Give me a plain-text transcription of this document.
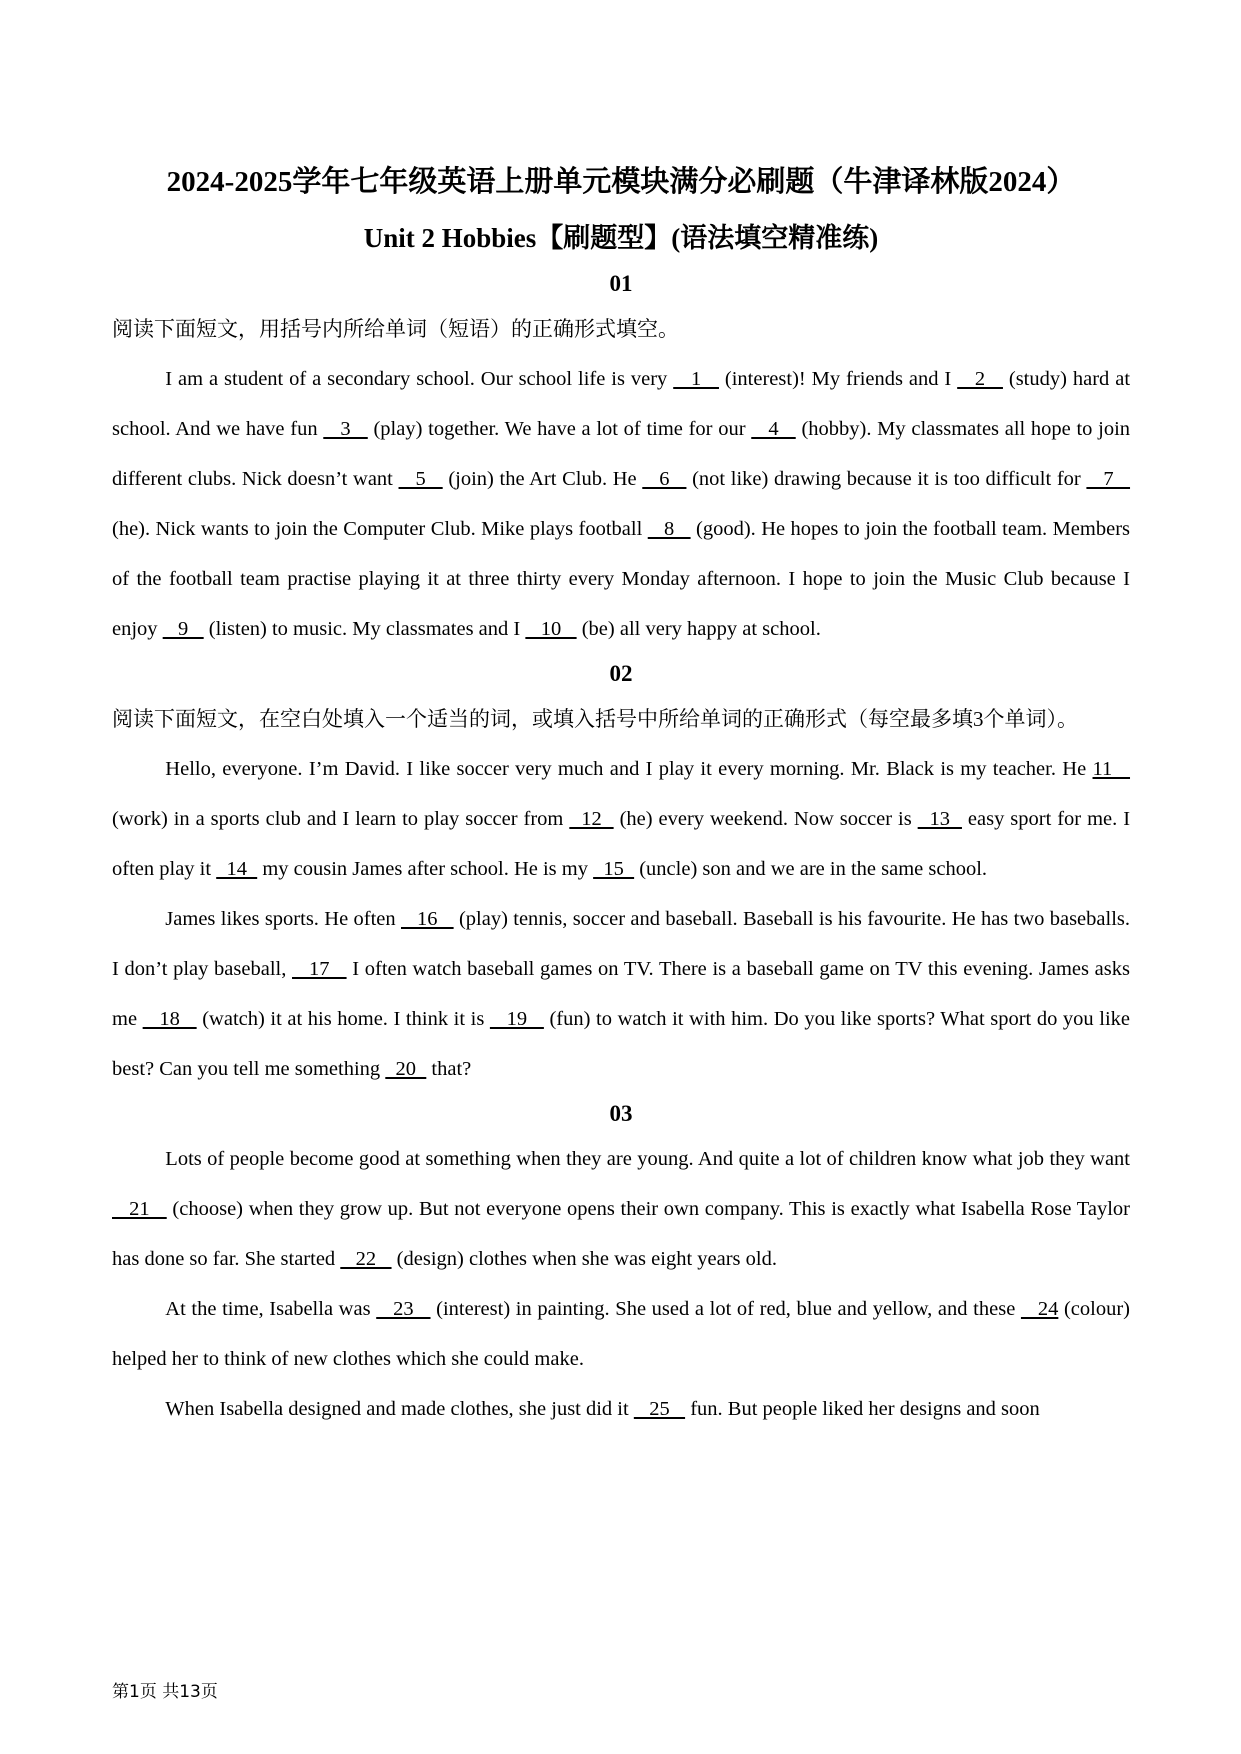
2024-2025学年七年级英语上册单元模块满分必刷题（牛津译林版2024）
Unit 2 Hobbies【刷题型】(语法填空精准练)
01
阅读下面短文，用括号内所给单词（短语）的正确形式填空。
I am a student of a secondary school. Our school life is very    1    (interest)! My friends and I    2    (study) hard at school. And we have fun    3    (play) together. We have a lot of time for our    4    (hobby). My classmates all hope to join different clubs. Nick doesn’t want    5    (join) the Art Club. He    6    (not like) drawing because it is too difficult for    7    (he). Nick wants to join the Computer Club. Mike plays football    8    (good). He hopes to join the football team. Members of the football team practise playing it at three thirty every Monday afternoon. I hope to join the Music Club because I enjoy    9    (listen) to music. My classmates and I    10    (be) all very happy at school.
02
阅读下面短文，在空白处填入一个适当的词，或填入括号中所给单词的正确形式（每空最多填3个单词）。
Hello, everyone. I’m David. I like soccer very much and I play it every morning. Mr. Black is my teacher. He 11    (work) in a sports club and I learn to play soccer from   12   (he) every weekend. Now soccer is   13   easy sport for me. I often play it   14   my cousin James after school. He is my   15   (uncle) son and we are in the same school.
James likes sports. He often    16    (play) tennis, soccer and baseball. Baseball is his favourite. He has two baseballs. I don’t play baseball,    17    I often watch baseball games on TV. There is a baseball game on TV this evening. James asks me    18    (watch) it at his home. I think it is    19    (fun) to watch it with him. Do you like sports? What sport do you like best? Can you tell me something   20   that?
03
Lots of people become good at something when they are young. And quite a lot of children know what job they want    21    (choose) when they grow up. But not everyone opens their own company. This is exactly what Isabella Rose Taylor has done so far. She started    22    (design) clothes when she was eight years old.
At the time, Isabella was    23    (interest) in painting. She used a lot of red, blue and yellow, and these    24 (colour) helped her to think of new clothes which she could make.
When Isabella designed and made clothes, she just did it    25    fun. But people liked her designs and soon
第1页 共13页
